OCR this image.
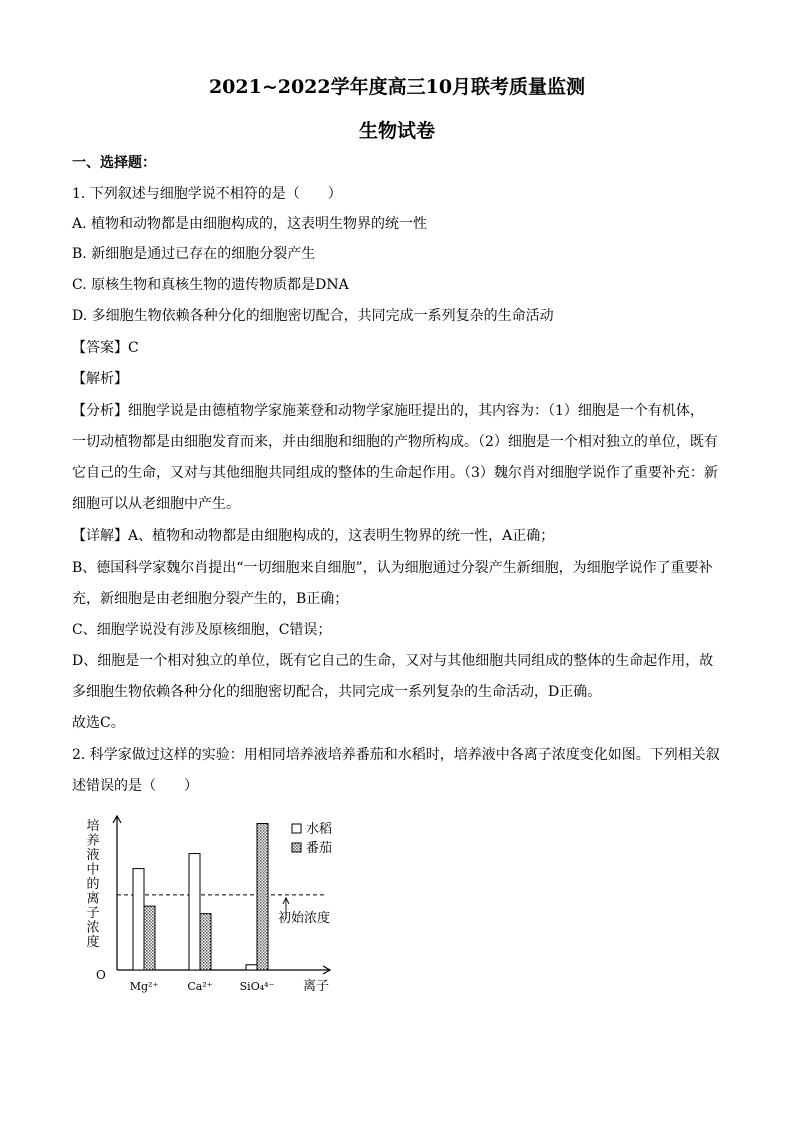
2021~2022学年度高三10月联考质量监测
生物试卷
一、选择题：
1. 下列叙述与细胞学说不相符的是（　　）
A. 植物和动物都是由细胞构成的，这表明生物界的统一性
B. 新细胞是通过已存在的细胞分裂产生
C. 原核生物和真核生物的遗传物质都是DNA
D. 多细胞生物依赖各种分化的细胞密切配合，共同完成一系列复杂的生命活动
【答案】C
【解析】
【分析】细胞学说是由德植物学家施莱登和动物学家施旺提出的，其内容为：（1）细胞是一个有机体，
一切动植物都是由细胞发育而来，并由细胞和细胞的产物所构成。（2）细胞是一个相对独立的单位，既有
它自己的生命，又对与其他细胞共同组成的整体的生命起作用。（3）魏尔肖对细胞学说作了重要补充：新
细胞可以从老细胞中产生。
【详解】A、植物和动物都是由细胞构成的，这表明生物界的统一性，A正确；
B、德国科学家魏尔肖提出“一切细胞来自细胞”，认为细胞通过分裂产生新细胞，为细胞学说作了重要补
充，新细胞是由老细胞分裂产生的，B正确；
C、细胞学说没有涉及原核细胞，C错误；
D、细胞是一个相对独立的单位，既有它自己的生命，又对与其他细胞共同组成的整体的生命起作用，故
多细胞生物依赖各种分化的细胞密切配合，共同完成一系列复杂的生命活动，D正确。
故选C。
2. 科学家做过这样的实验：用相同培养液培养番茄和水稻时，培养液中各离子浓度变化如图。下列相关叙
述错误的是（　　）
O
培
养
液
中
的
离
子
浓
度
Mg²⁺	Ca²⁺ SiO₄⁴⁻ 离子
水稻
番茄
初始浓度
